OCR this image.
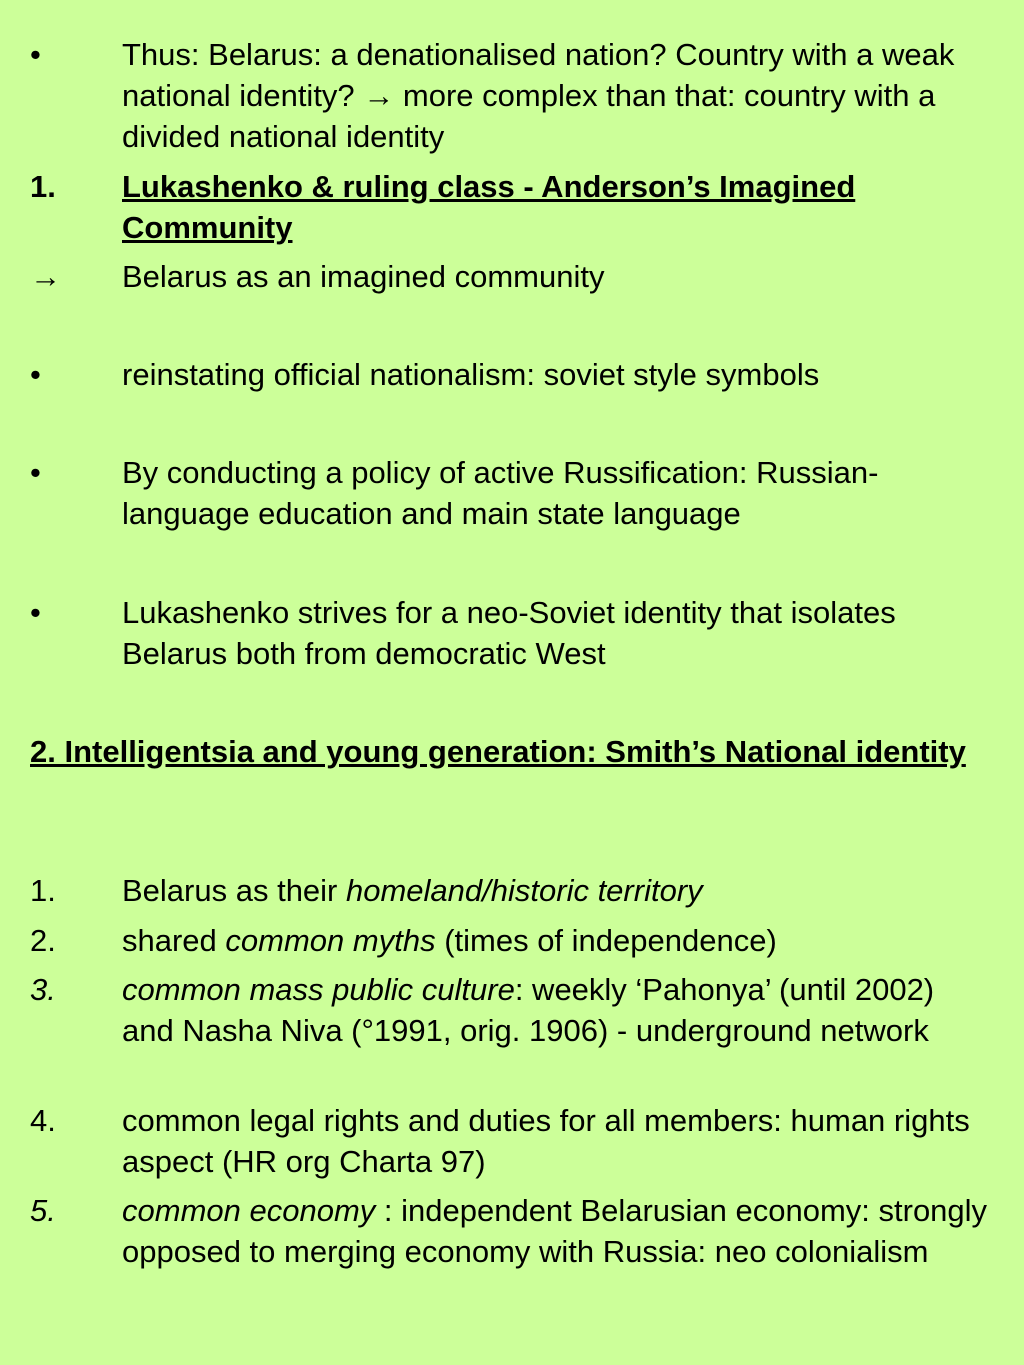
•	Thus: Belarus: a denationalised nation? Country with a weak national identity? → more complex than that: country with a divided national identity
1.	Lukashenko & ruling class - Anderson’s Imagined Community
→	Belarus as an imagined community
•	reinstating official nationalism: soviet style symbols
•	By conducting a policy of active Russification: Russian-language education and main state language
•	Lukashenko strives for a neo-Soviet identity that isolates Belarus both from democratic West
2. Intelligentsia and young generation: Smith’s National identity
1.	Belarus as their homeland/historic territory
2.	shared common myths (times of independence)
3.	common mass public culture: weekly ‘Pahonya’ (until 2002) and Nasha Niva (°1991, orig. 1906) - underground network
4.	common legal rights and duties for all members: human rights aspect (HR org Charta 97)
5.	common economy : independent Belarusian economy: strongly opposed to merging economy with Russia: neo colonialism
